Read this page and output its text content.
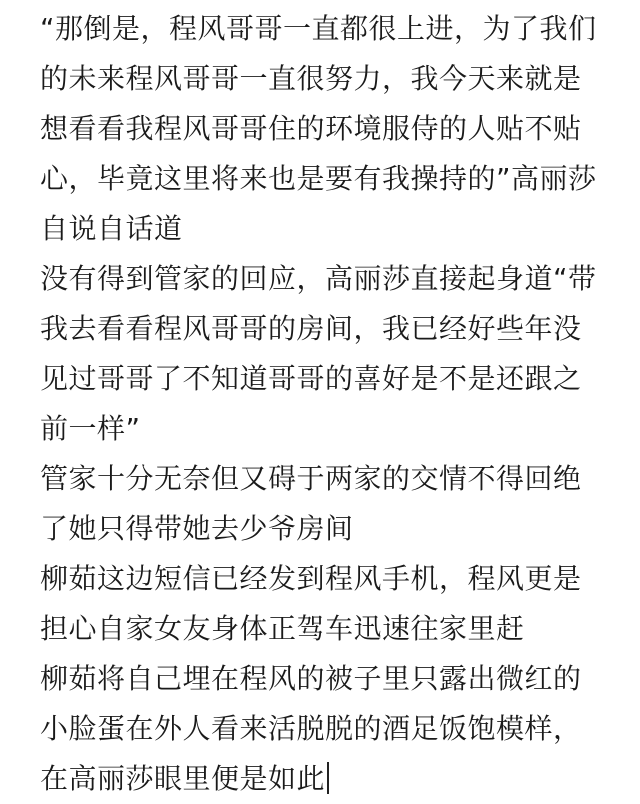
“那倒是，程风哥哥一直都很上进，为了我们
的未来程风哥哥一直很努力，我今天来就是
想看看我程风哥哥住的环境服侍的人贴不贴
心，毕竟这里将来也是要有我操持的”高丽莎
自说自话道
没有得到管家的回应，高丽莎直接起身道“带
我去看看程风哥哥的房间，我已经好些年没
见过哥哥了不知道哥哥的喜好是不是还跟之
前一样”
管家十分无奈但又碍于两家的交情不得回绝
了她只得带她去少爷房间
柳茹这边短信已经发到程风手机，程风更是
担心自家女友身体正驾车迅速往家里赶
柳茹将自己埋在程风的被子里只露出微红的
小脸蛋在外人看来活脱脱的酒足饭饱模样，
在高丽莎眼里便是如此
